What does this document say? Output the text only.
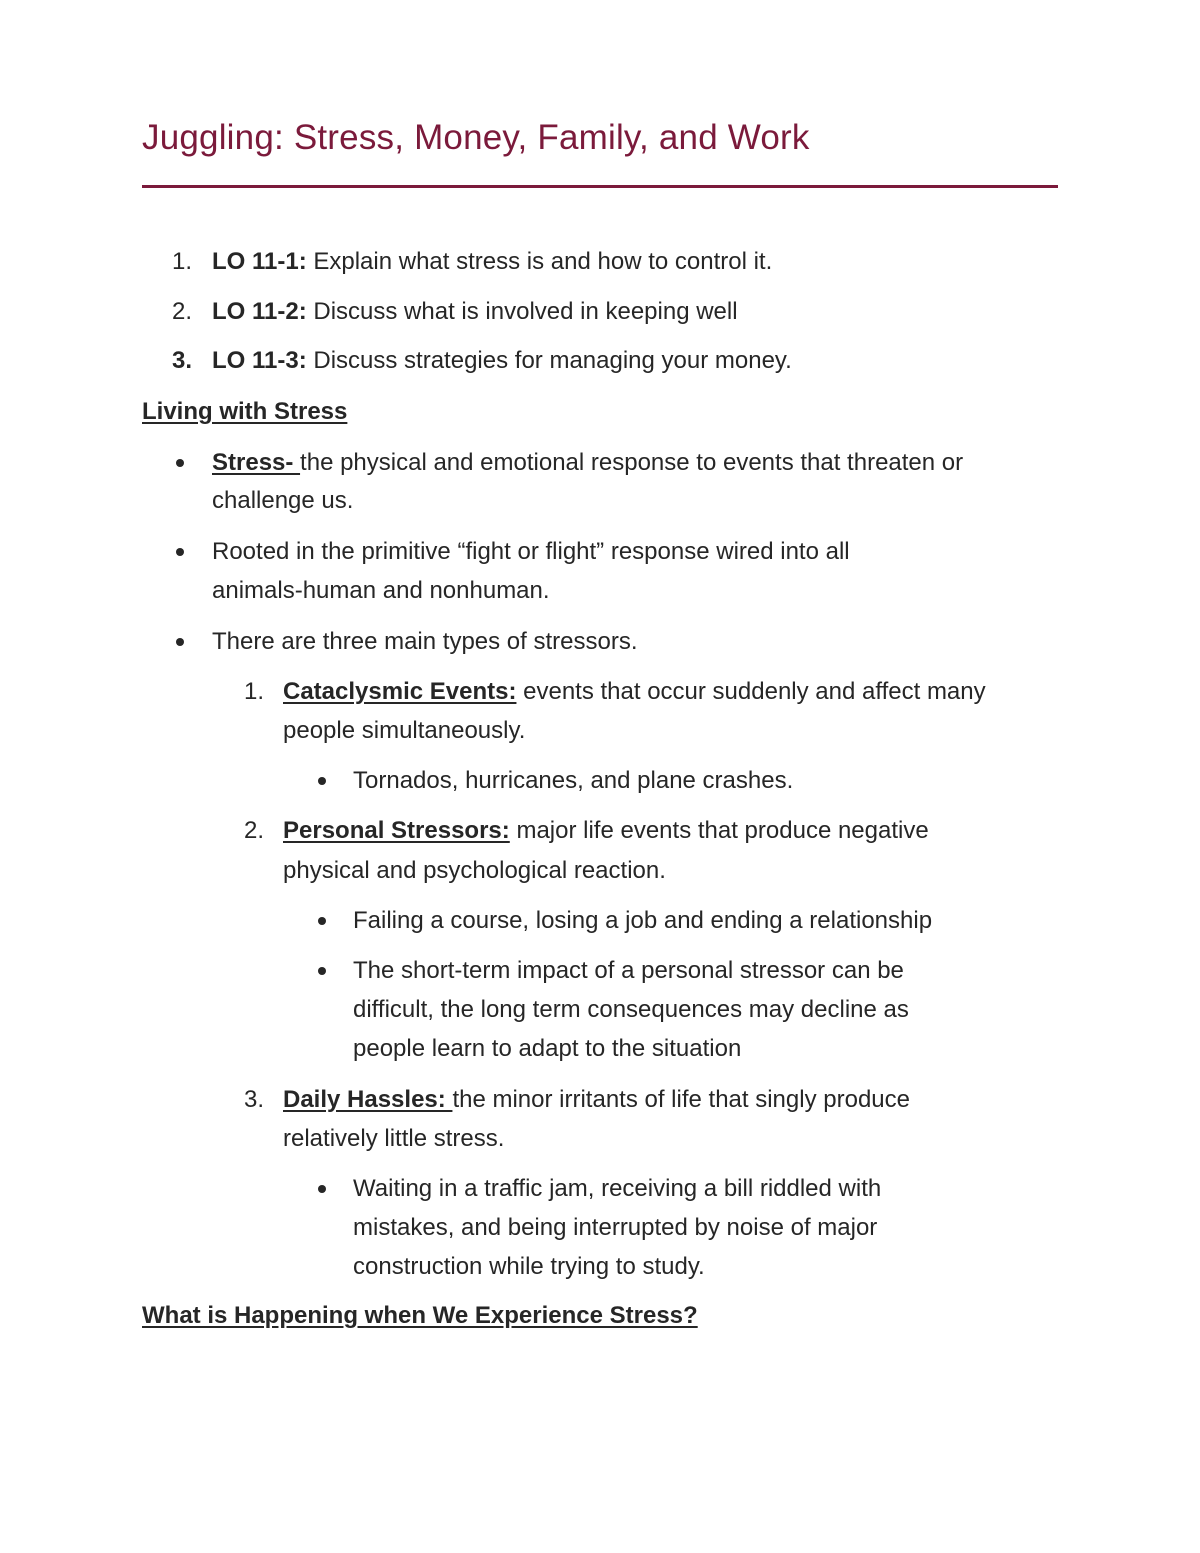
Juggling: Stress, Money, Family, and Work
1. LO 11-1: Explain what stress is and how to control it.
2. LO 11-2: Discuss what is involved in keeping well
3. LO 11-3: Discuss strategies for managing your money.
Living with Stress
Stress- the physical and emotional response to events that threaten or
challenge us.
Rooted in the primitive “fight or flight” response wired into all
animals-human and nonhuman.
There are three main types of stressors.
1. Cataclysmic Events: events that occur suddenly and affect many
people simultaneously.
Tornados, hurricanes, and plane crashes.
2. Personal Stressors: major life events that produce negative
physical and psychological reaction.
Failing a course, losing a job and ending a relationship
The short-term impact of a personal stressor can be
difficult, the long term consequences may decline as
people learn to adapt to the situation
3. Daily Hassles: the minor irritants of life that singly produce
relatively little stress.
Waiting in a traffic jam, receiving a bill riddled with
mistakes, and being interrupted by noise of major
construction while trying to study.
What is Happening when We Experience Stress?
